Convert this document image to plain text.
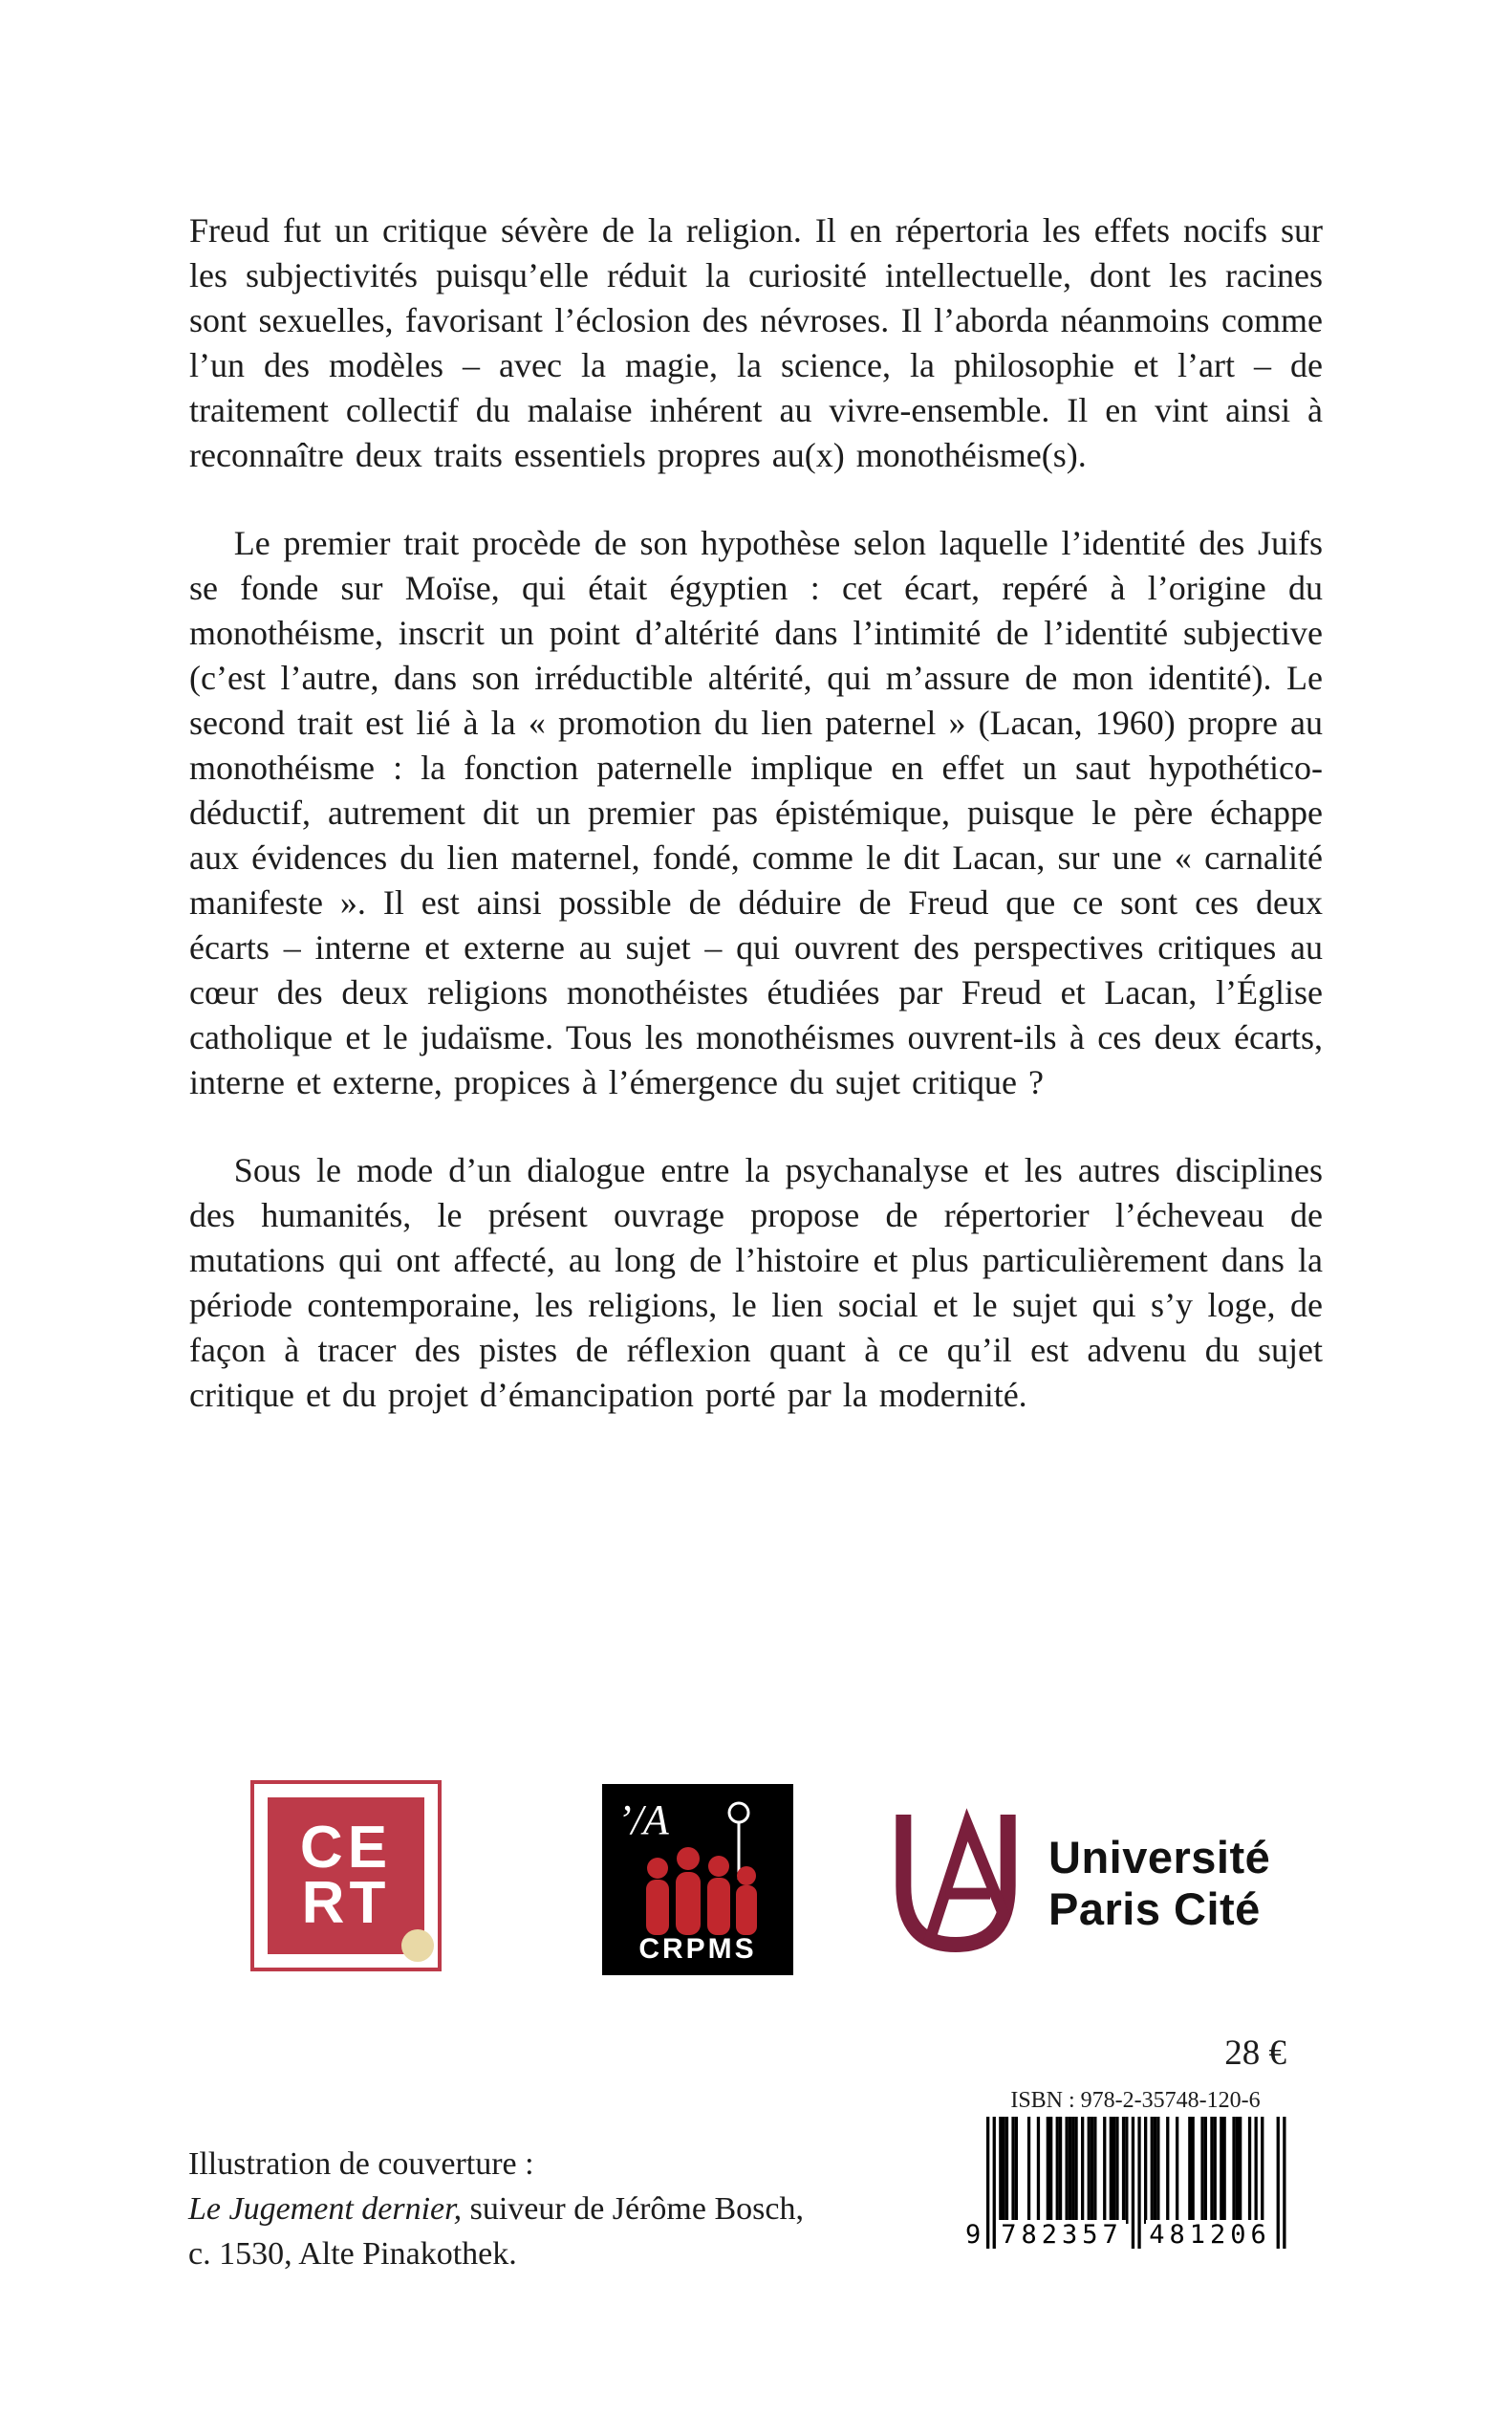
Freud fut un critique sévère de la religion. Il en répertoria les effets nocifs sur les subjectivités puisqu’elle réduit la curiosité intellectuelle, dont les racines sont sexuelles, favorisant l’éclosion des névroses. Il l’aborda néanmoins comme l’un des modèles – avec la magie, la science, la philosophie et l’art – de traitement collectif du malaise inhérent au vivre-ensemble. Il en vint ainsi à reconnaître deux traits essentiels propres au(x) monothéisme(s).

Le premier trait procède de son hypothèse selon laquelle l’identité des Juifs se fonde sur Moïse, qui était égyptien : cet écart, repéré à l’origine du monothéisme, inscrit un point d’altérité dans l’intimité de l’identité subjective (c’est l’autre, dans son irréductible altérité, qui m’assure de mon identité). Le second trait est lié à la « promotion du lien paternel » (Lacan, 1960) propre au monothéisme : la fonction paternelle implique en effet un saut hypothético-déductif, autrement dit un premier pas épistémique, puisque le père échappe aux évidences du lien maternel, fondé, comme le dit Lacan, sur une « carnalité manifeste ». Il est ainsi possible de déduire de Freud que ce sont ces deux écarts – interne et externe au sujet – qui ouvrent des perspectives critiques au cœur des deux religions monothéistes étudiées par Freud et Lacan, l’Église catholique et le judaïsme. Tous les monothéismes ouvrent-ils à ces deux écarts, interne et externe, propices à l’émergence du sujet critique ?

Sous le mode d’un dialogue entre la psychanalyse et les autres disciplines des humanités, le présent ouvrage propose de répertorier l’écheveau de mutations qui ont affecté, au long de l’histoire et plus particulièrement dans la période contemporaine, les religions, le lien social et le sujet qui s’y loge, de façon à tracer des pistes de réflexion quant à ce qu’il est advenu du sujet critique et du projet d’émancipation porté par la modernité.

CE
RT
’/A
CRPMS
Université
Paris Cité
28 €
ISBN : 978-2-35748-120-6
9 782357 481206
Illustration de couverture :
Le Jugement dernier, suiveur de Jérôme Bosch,
c. 1530, Alte Pinakothek.
